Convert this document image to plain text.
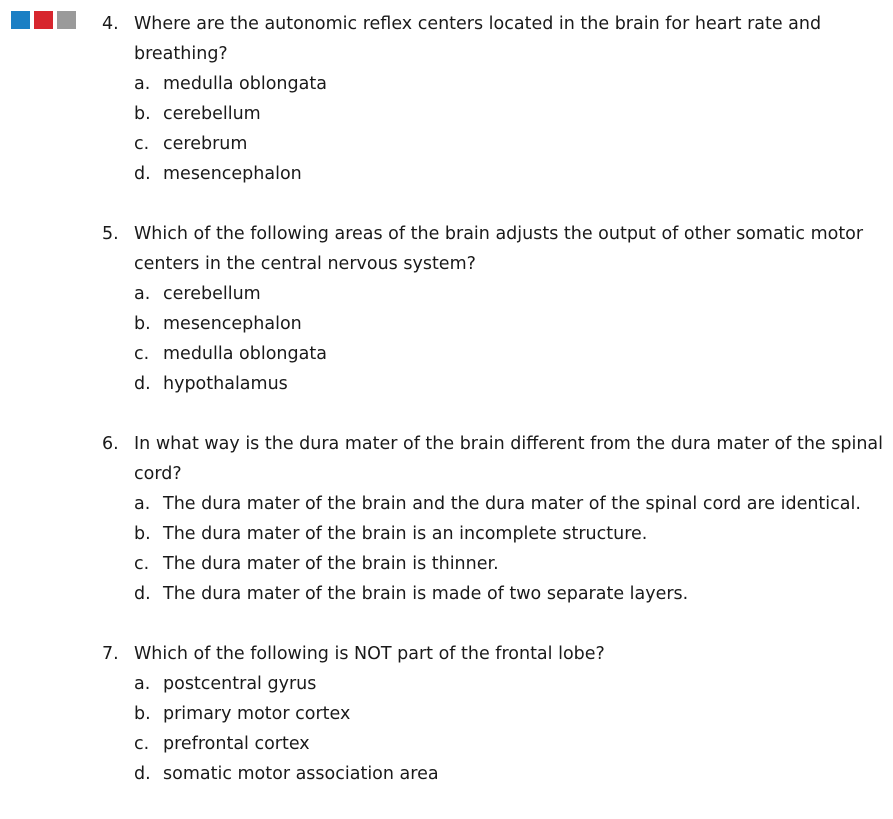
4. Where are the autonomic reflex centers located in the brain for heart rate and breathing?
a. medulla oblongata
b. cerebellum
c. cerebrum
d. mesencephalon
5. Which of the following areas of the brain adjusts the output of other somatic motor centers in the central nervous system?
a. cerebellum
b. mesencephalon
c. medulla oblongata
d. hypothalamus
6. In what way is the dura mater of the brain different from the dura mater of the spinal cord?
a. The dura mater of the brain and the dura mater of the spinal cord are identical.
b. The dura mater of the brain is an incomplete structure.
c. The dura mater of the brain is thinner.
d. The dura mater of the brain is made of two separate layers.
7. Which of the following is NOT part of the frontal lobe?
a. postcentral gyrus
b. primary motor cortex
c. prefrontal cortex
d. somatic motor association area
